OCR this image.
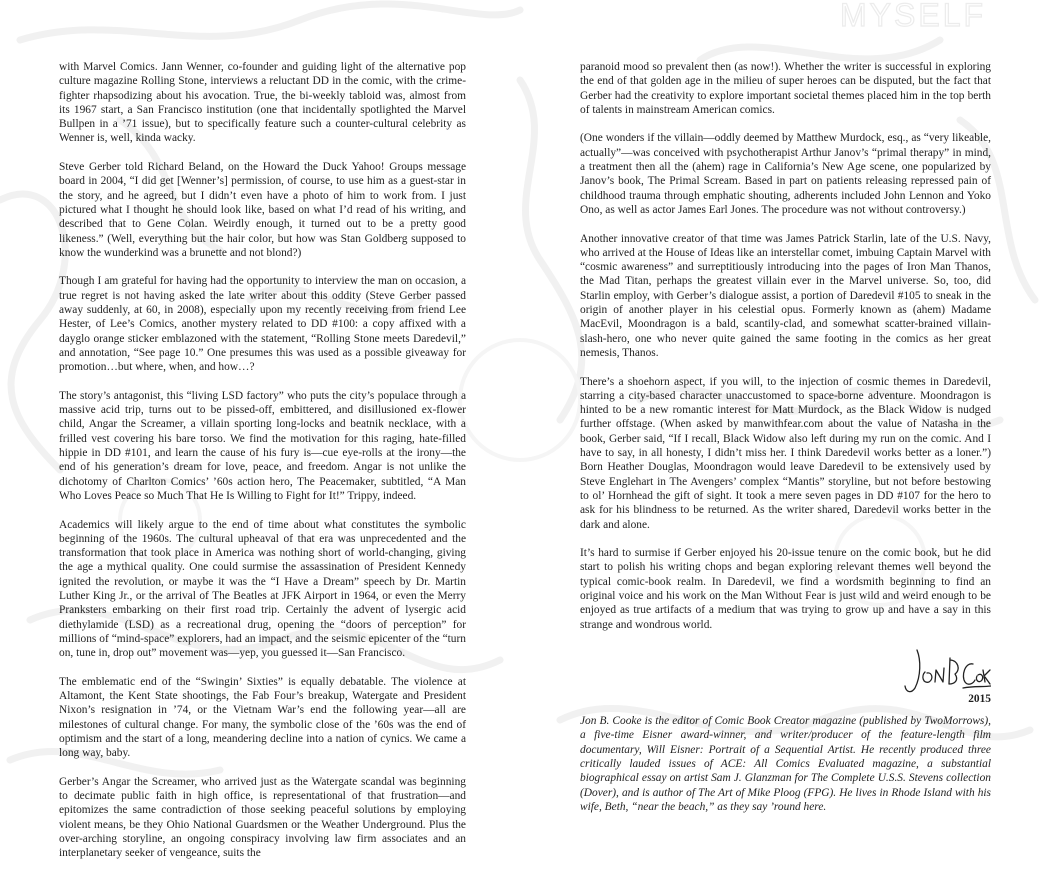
MYSELF

with Marvel Comics. Jann Wenner, co-founder and guiding light of the alternative pop culture magazine Rolling Stone, interviews a reluctant DD in the comic, with the crime-fighter rhapsodizing about his avocation. True, the bi-weekly tabloid was, almost from its 1967 start, a San Francisco institution (one that incidentally spotlighted the Marvel Bullpen in a ’71 issue), but to specifically feature such a counter-cultural celebrity as Wenner is, well, kinda wacky.

Steve Gerber told Richard Beland, on the Howard the Duck Yahoo! Groups message board in 2004, “I did get [Wenner’s] permission, of course, to use him as a guest-star in the story, and he agreed, but I didn’t even have a photo of him to work from. I just pictured what I thought he should look like, based on what I’d read of his writing, and described that to Gene Colan. Weirdly enough, it turned out to be a pretty good likeness.” (Well, everything but the hair color, but how was Stan Goldberg supposed to know the wunderkind was a brunette and not blond?)

Though I am grateful for having had the opportunity to interview the man on occasion, a true regret is not having asked the late writer about this oddity (Steve Gerber passed away suddenly, at 60, in 2008), especially upon my recently receiving from friend Lee Hester, of Lee’s Comics, another mystery related to DD #100: a copy affixed with a dayglo orange sticker emblazoned with the statement, “Rolling Stone meets Daredevil,” and annotation, “See page 10.” One presumes this was used as a possible giveaway for promotion…but where, when, and how…?

The story’s antagonist, this “living LSD factory” who puts the city’s populace through a massive acid trip, turns out to be pissed-off, embittered, and disillusioned ex-flower child, Angar the Screamer, a villain sporting long-locks and beatnik necklace, with a frilled vest covering his bare torso. We find the motivation for this raging, hate-filled hippie in DD #101, and learn the cause of his fury is—cue eye-rolls at the irony—the end of his generation’s dream for love, peace, and freedom. Angar is not unlike the dichotomy of Charlton Comics’ ’60s action hero, The Peacemaker, subtitled, “A Man Who Loves Peace so Much That He Is Willing to Fight for It!” Trippy, indeed.

Academics will likely argue to the end of time about what constitutes the symbolic beginning of the 1960s. The cultural upheaval of that era was unprecedented and the transformation that took place in America was nothing short of world-changing, giving the age a mythical quality. One could surmise the assassination of President Kennedy ignited the revolution, or maybe it was the “I Have a Dream” speech by Dr. Martin Luther King Jr., or the arrival of The Beatles at JFK Airport in 1964, or even the Merry Pranksters embarking on their first road trip. Certainly the advent of lysergic acid diethylamide (LSD) as a recreational drug, opening the “doors of perception” for millions of “mind-space” explorers, had an impact, and the seismic epicenter of the “turn on, tune in, drop out” movement was—yep, you guessed it—San Francisco.

The emblematic end of the “Swingin’ Sixties” is equally debatable. The violence at Altamont, the Kent State shootings, the Fab Four’s breakup, Watergate and President Nixon’s resignation in ’74, or the Vietnam War’s end the following year—all are milestones of cultural change. For many, the symbolic close of the ’60s was the end of optimism and the start of a long, meandering decline into a nation of cynics. We came a long way, baby.

Gerber’s Angar the Screamer, who arrived just as the Watergate scandal was beginning to decimate public faith in high office, is representational of that frustration—and epitomizes the same contradiction of those seeking peaceful solutions by employing violent means, be they Ohio National Guardsmen or the Weather Underground. Plus the over-arching storyline, an ongoing conspiracy involving law firm associates and an interplanetary seeker of vengeance, suits the

paranoid mood so prevalent then (as now!). Whether the writer is successful in exploring the end of that golden age in the milieu of super heroes can be disputed, but the fact that Gerber had the creativity to explore important societal themes placed him in the top berth of talents in mainstream American comics.

(One wonders if the villain—oddly deemed by Matthew Murdock, esq., as “very likeable, actually”—was conceived with psychotherapist Arthur Janov’s “primal therapy” in mind, a treatment then all the (ahem) rage in California’s New Age scene, one popularized by Janov’s book, The Primal Scream. Based in part on patients releasing repressed pain of childhood trauma through emphatic shouting, adherents included John Lennon and Yoko Ono, as well as actor James Earl Jones. The procedure was not without controversy.)

Another innovative creator of that time was James Patrick Starlin, late of the U.S. Navy, who arrived at the House of Ideas like an interstellar comet, imbuing Captain Marvel with “cosmic awareness” and surreptitiously introducing into the pages of Iron Man Thanos, the Mad Titan, perhaps the greatest villain ever in the Marvel universe. So, too, did Starlin employ, with Gerber’s dialogue assist, a portion of Daredevil #105 to sneak in the origin of another player in his celestial opus. Formerly known as (ahem) Madame MacEvil, Moondragon is a bald, scantily-clad, and somewhat scatter-brained villain-slash-hero, one who never quite gained the same footing in the comics as her great nemesis, Thanos.

There’s a shoehorn aspect, if you will, to the injection of cosmic themes in Daredevil, starring a city-based character unaccustomed to space-borne adventure. Moondragon is hinted to be a new romantic interest for Matt Murdock, as the Black Widow is nudged further offstage. (When asked by manwithfear.com about the value of Natasha in the book, Gerber said, “If I recall, Black Widow also left during my run on the comic. And I have to say, in all honesty, I didn’t miss her. I think Daredevil works better as a loner.”) Born Heather Douglas, Moondragon would leave Daredevil to be extensively used by Steve Englehart in The Avengers’ complex “Mantis” storyline, but not before bestowing to ol’ Hornhead the gift of sight. It took a mere seven pages in DD #107 for the hero to ask for his blindness to be returned. As the writer shared, Daredevil works better in the dark and alone.

It’s hard to surmise if Gerber enjoyed his 20-issue tenure on the comic book, but he did start to polish his writing chops and began exploring relevant themes well beyond the typical comic-book realm. In Daredevil, we find a wordsmith beginning to find an original voice and his work on the Man Without Fear is just wild and weird enough to be enjoyed as true artifacts of a medium that was trying to grow up and have a say in this strange and wondrous world.

2015
Jon B. Cooke is the editor of Comic Book Creator magazine (published by TwoMorrows), a five-time Eisner award-winner, and writer/producer of the feature-length film documentary, Will Eisner: Portrait of a Sequential Artist. He recently produced three critically lauded issues of ACE: All Comics Evaluated magazine, a substantial biographical essay on artist Sam J. Glanzman for The Complete U.S.S. Stevens collection (Dover), and is author of The Art of Mike Ploog (FPG). He lives in Rhode Island with his wife, Beth, “near the beach,” as they say ’round here.
